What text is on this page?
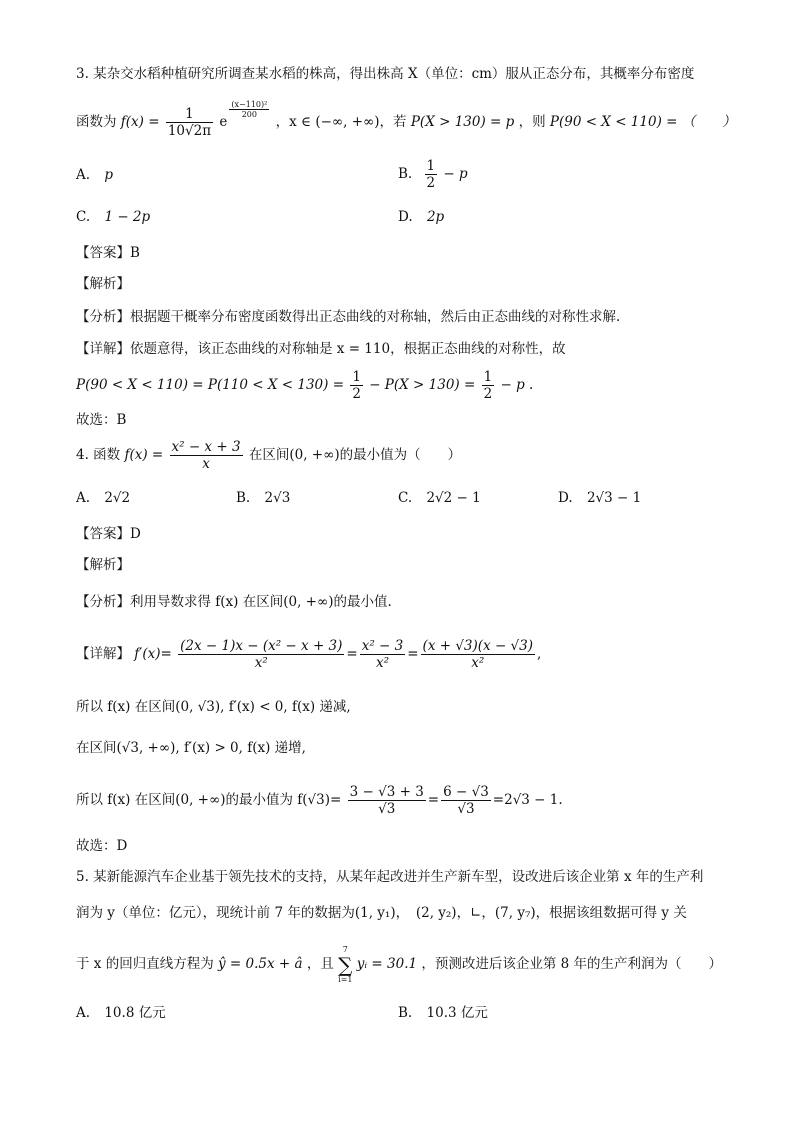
3. 某杂交水稻种植研究所调查某水稻的株高，得出株高 X（单位：cm）服从正态分布，其概率分布密度
函数为 $f(x) = \frac{1}{10√2\pi}$ e
$\frac{\text{(x−110)²}}{200}$
，x ∈ (−∞, +∞)，若 P(X > 130) = p ，则 P(90 < X < 110) = （　　）
A. p	B. $\frac{1}{2} - p$
C. 1 − 2p	D. 2p
【答案】B
【解析】
【分析】根据题干概率分布密度函数得出正态曲线的对称轴，然后由正态曲线的对称性求解.
【详解】依题意得，该正态曲线的对称轴是 x = 110，根据正态曲线的对称性，故
$P(90 < X < 110) = P(110 < X < 130) = \frac{1}{2} - P(X > 130) = \frac{1}{2} - p$ .
故选：B
4. 函数 $f(x) = \frac{\text{x² − x + 3}}{x}$ 在区间(0, +∞)的最小值为（　　）
A. 2√2	B. 2√3	C. 2√2 − 1	D. 2√3 − 1
【答案】D
【解析】
【分析】利用导数求得 f(x) 在区间(0, +∞)的最小值.
【详解】 $f'(x)= \frac{\text{(2x − 1)x − (x² − x + 3)}}{\text{x²}} = \frac{\text{x² − 3}}{\text{x²}} = \frac{(x + √3)(x - √3)}{\text{x²}}$ ,
所以 f(x) 在区间(0, √3), f′(x) < 0, f(x) 递减,
在区间(√3, +∞), f′(x) > 0, f(x) 递增,
所以 f(x) 在区间(0, +∞)的最小值为 $f(√3)= \frac{3 - √3 + 3}{√3} = \frac{6 - √3}{√3} =2√3 - 1$.
故选：D
5. 某新能源汽车企业基于领先技术的支持，从某年起改进并生产新车型，设改进后该企业第 x 年的生产利
润为 y（单位：亿元），现统计前 7 年的数据为(1, y₁)，　(2, y₂)，∟，(7, y₇)，根据该组数据可得 y 关
于 x 的回归直线方程为 ŷ = 0.5x + â ，且
7
∑
i=1
yᵢ = 30.1 ，预测改进后该企业第 8 年的生产利润为（　　）
A. 10.8 亿元	B. 10.3 亿元
